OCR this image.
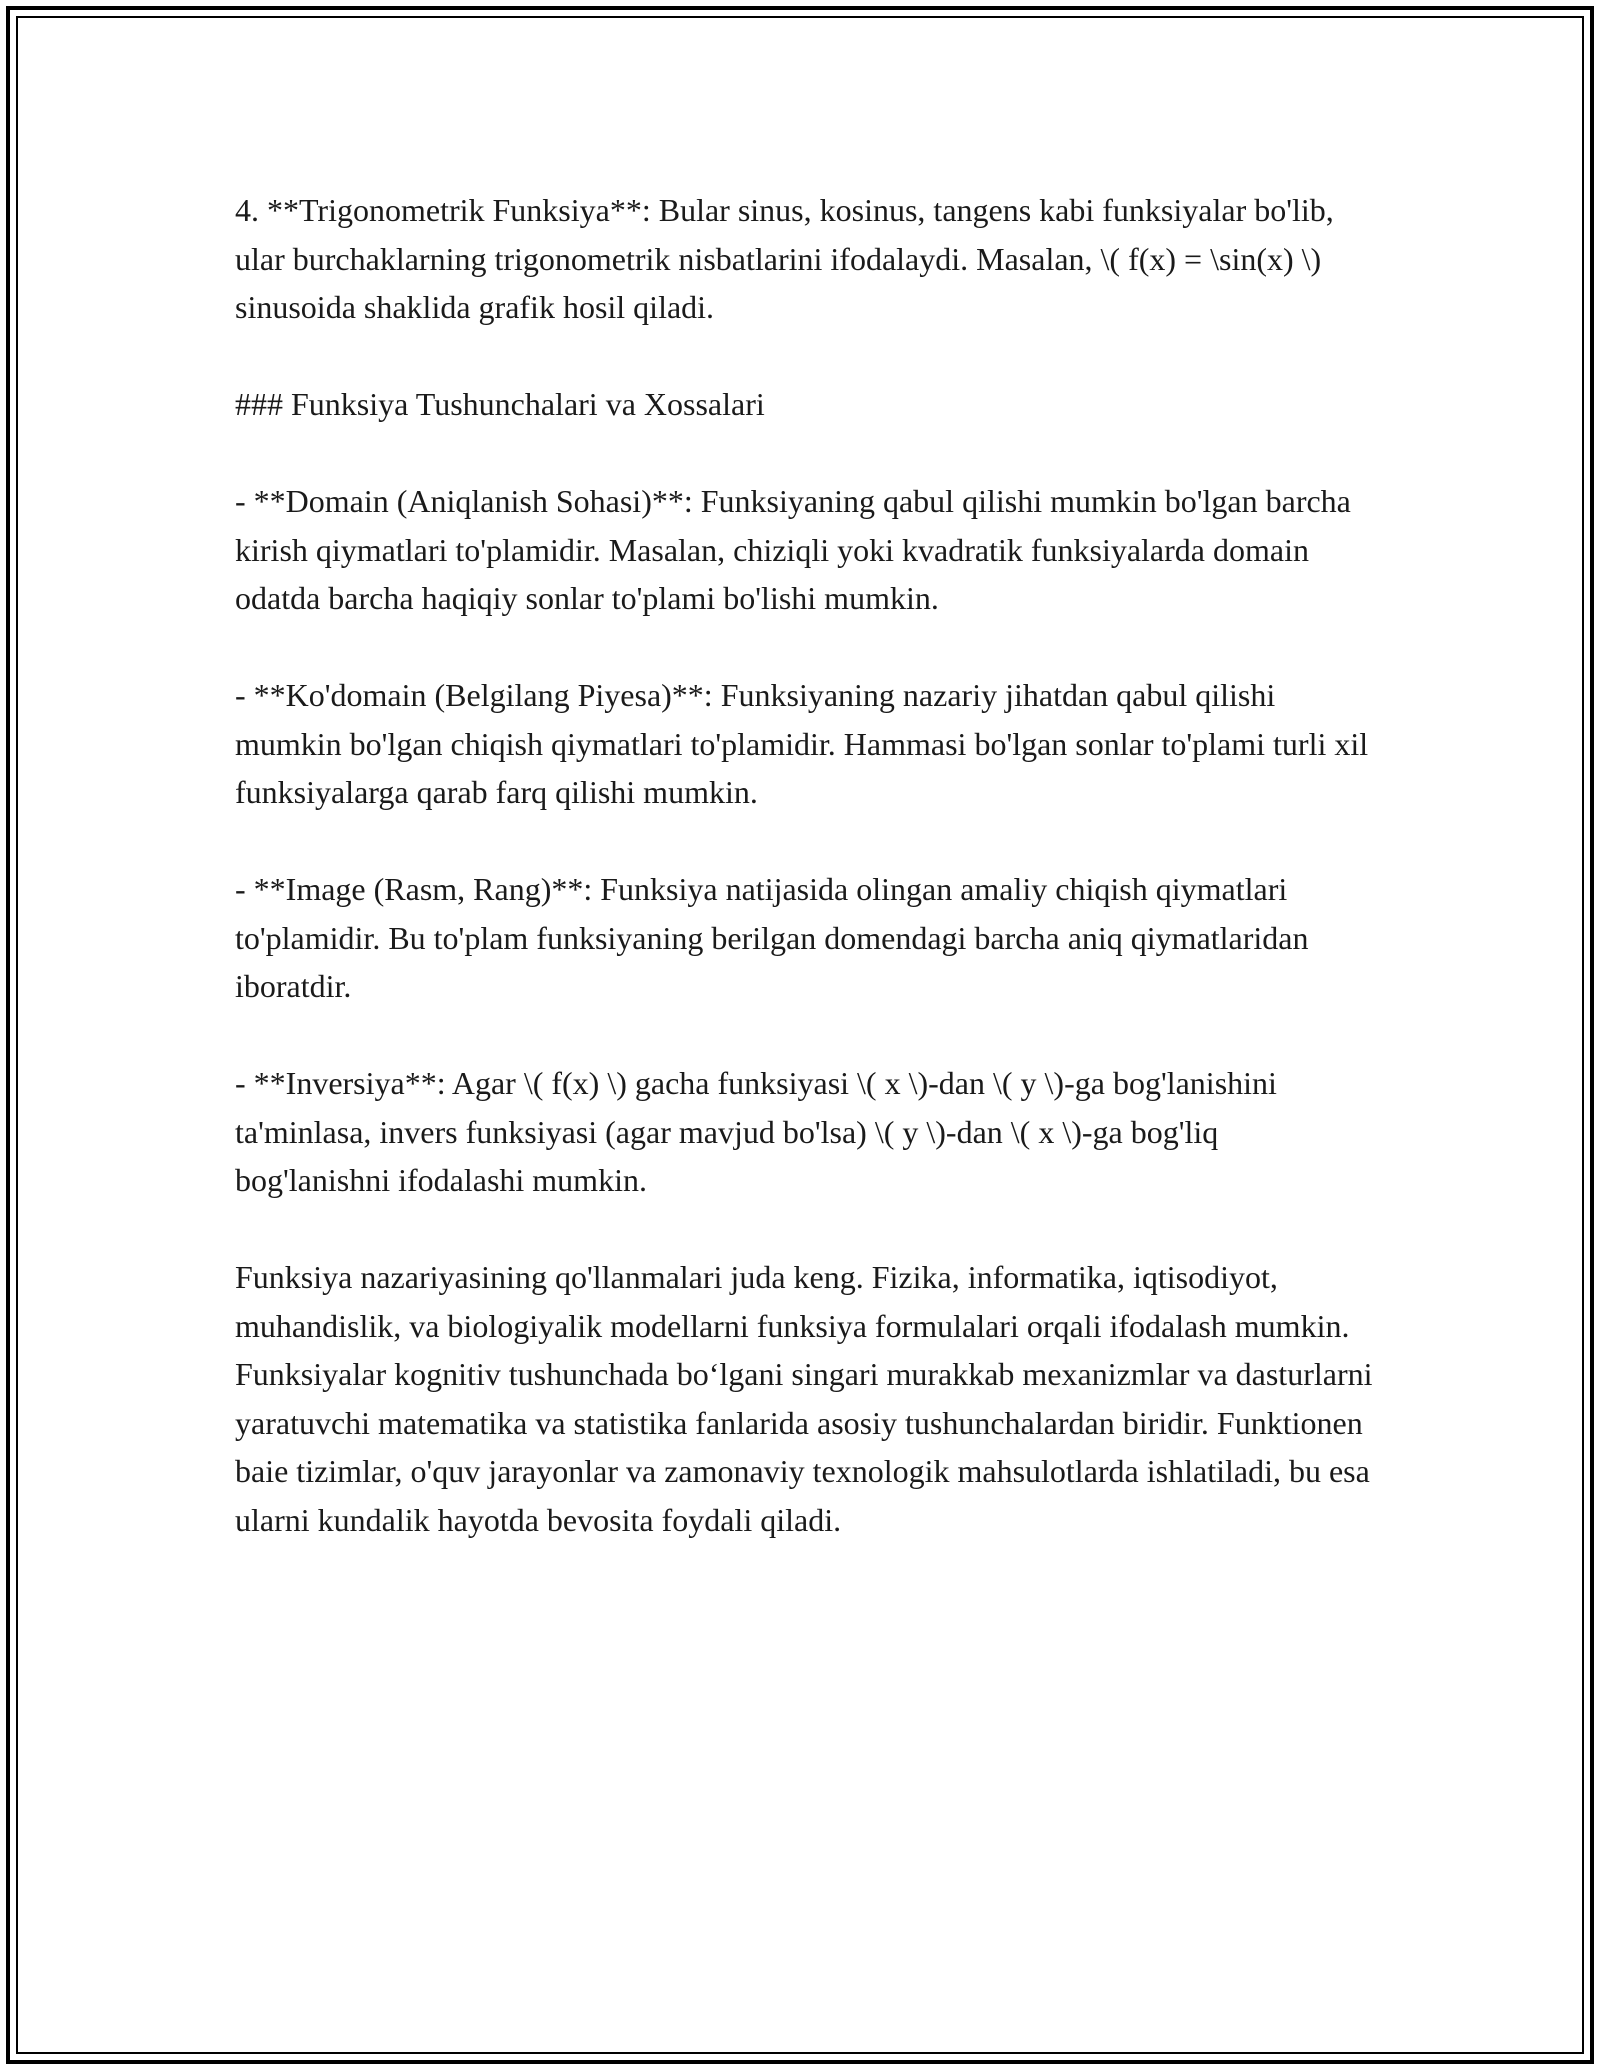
4. **Trigonometrik Funksiya**: Bular sinus, kosinus, tangens kabi funksiyalar bo'lib, ular burchaklarning trigonometrik nisbatlarini ifodalaydi. Masalan, \( f(x) = \sin(x) \) sinusoida shaklida grafik hosil qiladi.

### Funksiya Tushunchalari va Xossalari

- **Domain (Aniqlanish Sohasi)**: Funksiyaning qabul qilishi mumkin bo'lgan barcha kirish qiymatlari to'plamidir. Masalan, chiziqli yoki kvadratik funksiyalarda domain odatda barcha haqiqiy sonlar to'plami bo'lishi mumkin.

- **Ko'domain (Belgilang Piyesa)**: Funksiyaning nazariy jihatdan qabul qilishi mumkin bo'lgan chiqish qiymatlari to'plamidir. Hammasi bo'lgan sonlar to'plami turli xil funksiyalarga qarab farq qilishi mumkin.

- **Image (Rasm, Rang)**: Funksiya natijasida olingan amaliy chiqish qiymatlari to'plamidir. Bu to'plam funksiyaning berilgan domendagi barcha aniq qiymatlaridan iboratdir.

- **Inversiya**: Agar \( f(x) \) gacha funksiyasi \( x \)-dan \( y \)-ga bog'lanishini ta'minlasa, invers funksiyasi (agar mavjud bo'lsa) \( y \)-dan \( x \)-ga bog'liq bog'lanishni ifodalashi mumkin.

Funksiya nazariyasining qo'llanmalari juda keng. Fizika, informatika, iqtisodiyot, muhandislik, va biologiyalik modellarni funksiya formulalari orqali ifodalash mumkin. Funksiyalar kognitiv tushunchada bo‘lgani singari murakkab mexanizmlar va dasturlarni yaratuvchi matematika va statistika fanlarida asosiy tushunchalardan biridir. Funktionen baie tizimlar, o'quv jarayonlar va zamonaviy texnologik mahsulotlarda ishlatiladi, bu esa ularni kundalik hayotda bevosita foydali qiladi.
